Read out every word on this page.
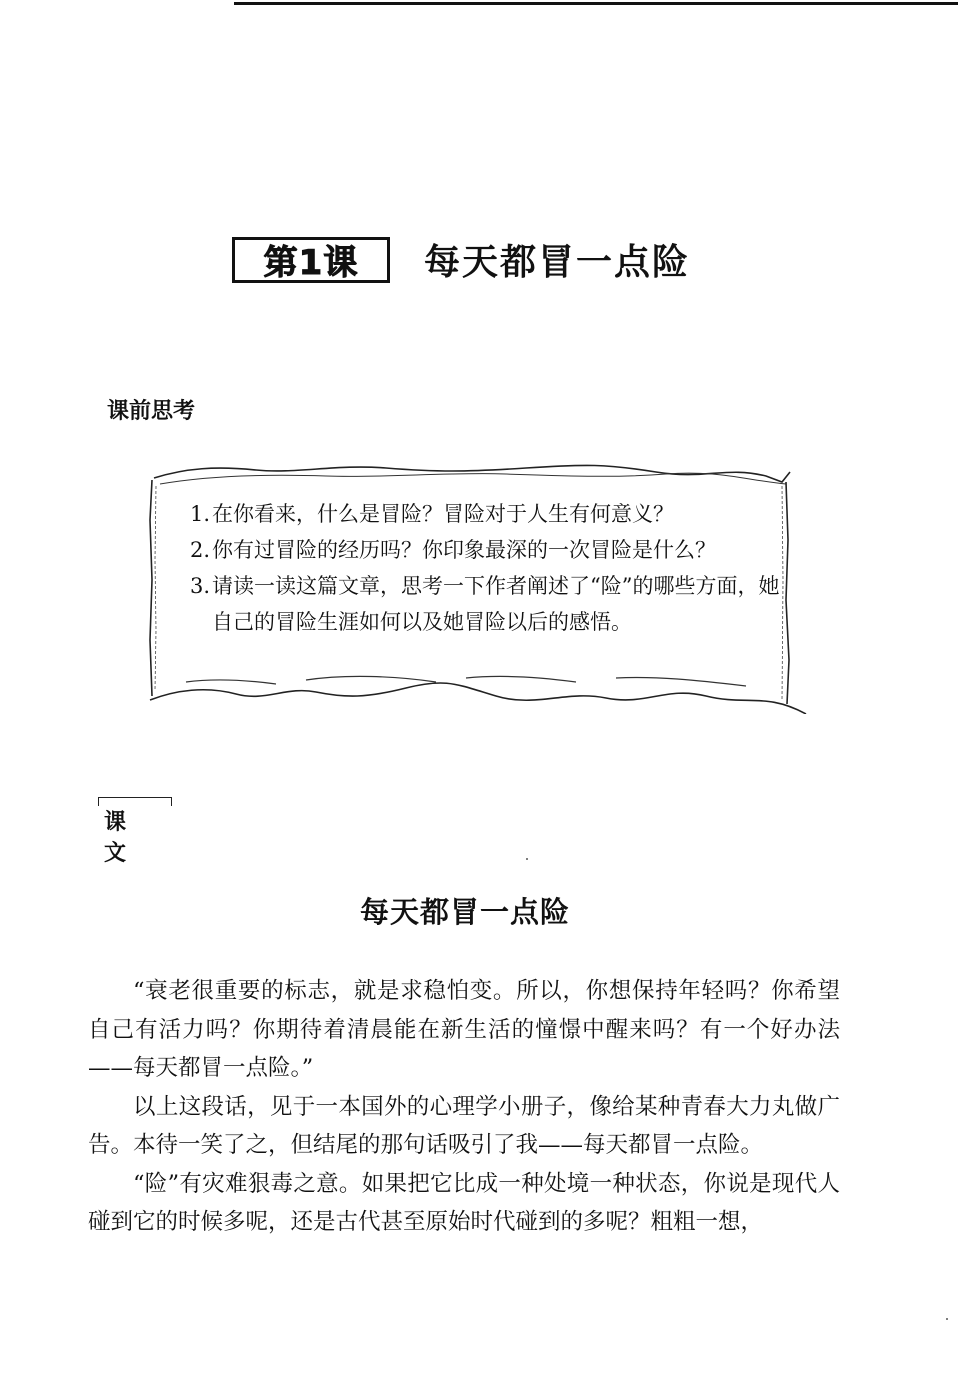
第1课 每天都冒一点险
课前思考
1.在你看来，什么是冒险？冒险对于人生有何意义？
2.你有过冒险的经历吗？你印象最深的一次冒险是什么？
3.请读一读这篇文章，思考一下作者阐述了“险”的哪些方面，她自己的冒险生涯如何以及她冒险以后的感悟。
课 文
每天都冒一点险

“衰老很重要的标志，就是求稳怕变。所以，你想保持年轻吗？你希望自己有活力吗？你期待着清晨能在新生活的憧憬中醒来吗？有一个好办法——每天都冒一点险。”

以上这段话，见于一本国外的心理学小册子，像给某种青春大力丸做广告。本待一笑了之，但结尾的那句话吸引了我——每天都冒一点险。

“险”有灾难狠毒之意。如果把它比成一种处境一种状态，你说是现代人碰到它的时候多呢，还是古代甚至原始时代碰到的多呢？粗粗一想，
